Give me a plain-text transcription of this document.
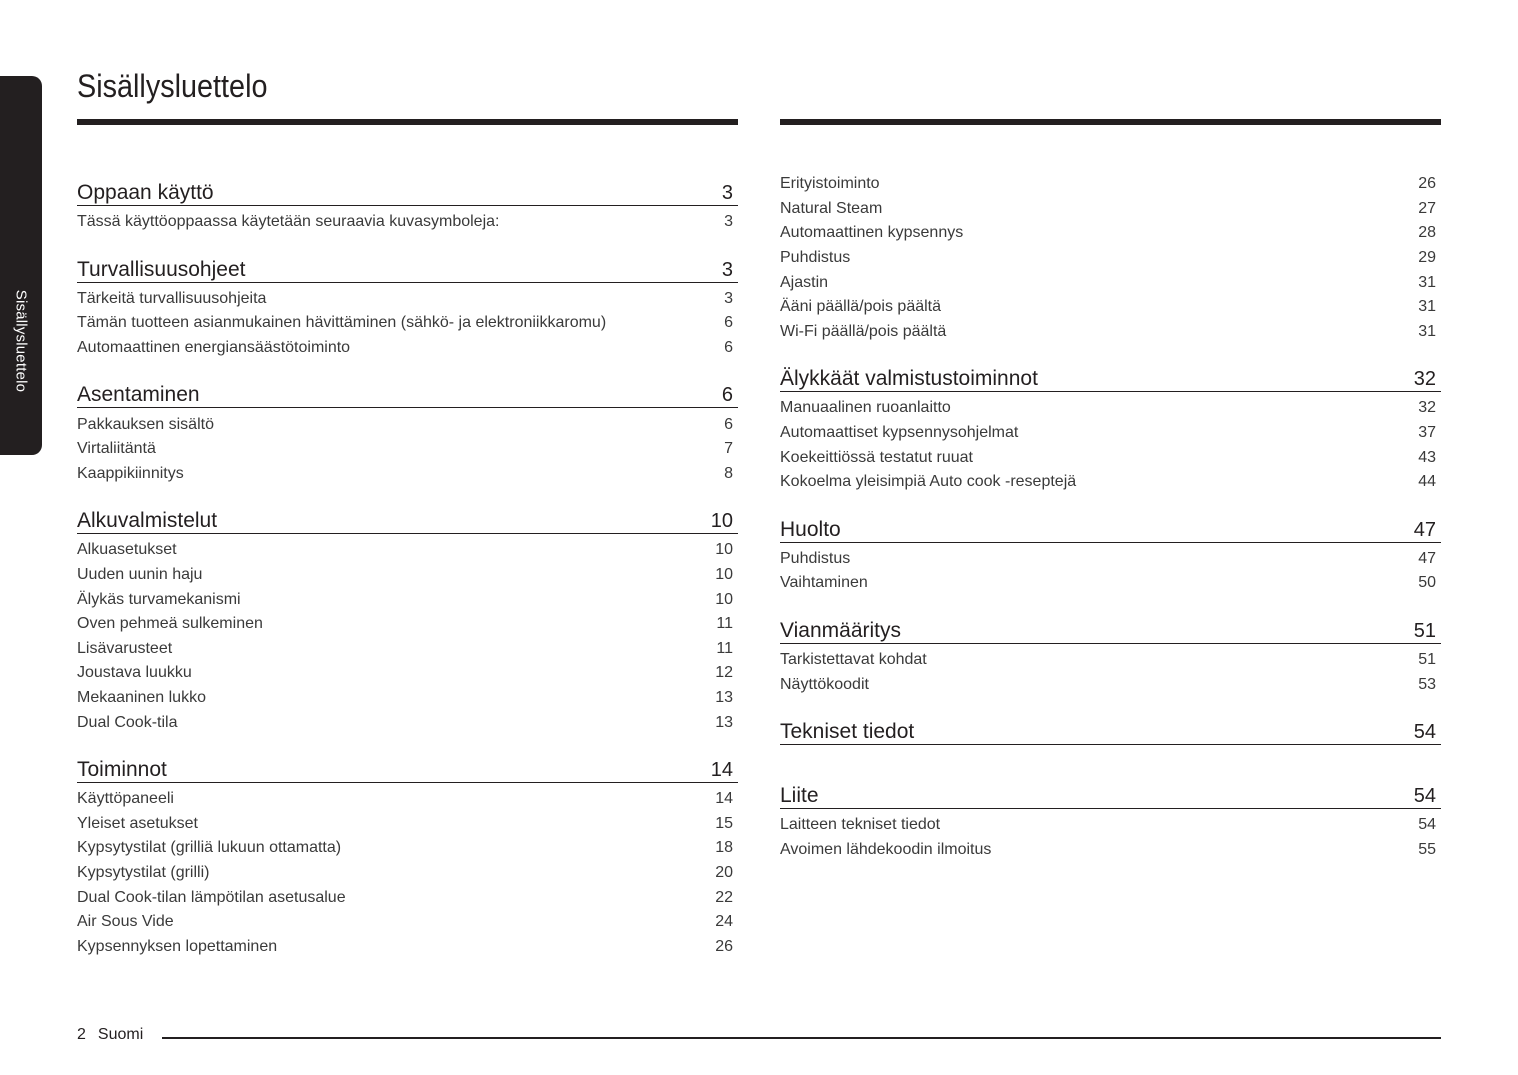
Sisällysluettelo
Sisällysluettelo
Oppaan käyttö	3
Tässä käyttöoppaassa käytetään seuraavia kuvasymboleja:	3
Turvallisuusohjeet	3
Tärkeitä turvallisuusohjeita	3
Tämän tuotteen asianmukainen hävittäminen (sähkö- ja elektroniikkaromu)	6
Automaattinen energiansäästötoiminto	6
Asentaminen	6
Pakkauksen sisältö	6
Virtaliitäntä	7
Kaappikiinnitys	8
Alkuvalmistelut	10
Alkuasetukset	10
Uuden uunin haju	10
Älykäs turvamekanismi	10
Oven pehmeä sulkeminen	11
Lisävarusteet	11
Joustava luukku	12
Mekaaninen lukko	13
Dual Cook-tila	13
Toiminnot	14
Käyttöpaneeli	14
Yleiset asetukset	15
Kypsytystilat (grilliä lukuun ottamatta)	18
Kypsytystilat (grilli)	20
Dual Cook-tilan lämpötilan asetusalue	22
Air Sous Vide	24
Kypsennyksen lopettaminen	26
Erityistoiminto	26
Natural Steam	27
Automaattinen kypsennys	28
Puhdistus	29
Ajastin	31
Ääni päällä/pois päältä	31
Wi-Fi päällä/pois päältä	31
Älykkäät valmistustoiminnot	32
Manuaalinen ruoanlaitto	32
Automaattiset kypsennysohjelmat	37
Koekeittiössä testatut ruuat	43
Kokoelma yleisimpiä Auto cook -reseptejä	44
Huolto	47
Puhdistus	47
Vaihtaminen	50
Vianmääritys	51
Tarkistettavat kohdat	51
Näyttökoodit	53
Tekniset tiedot	54
Liite	54
Laitteen tekniset tiedot	54
Avoimen lähdekoodin ilmoitus	55
2 Suomi
